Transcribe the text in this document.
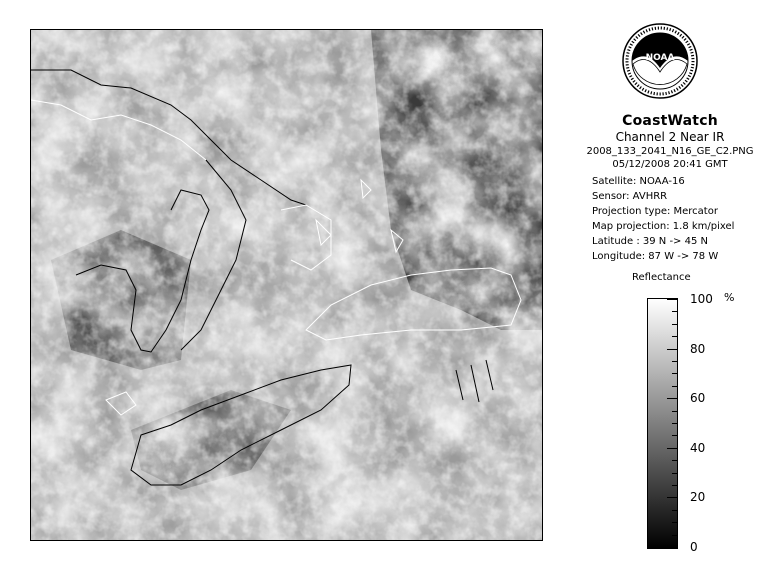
NOAA
CoastWatch
Channel 2 Near IR
2008_133_2041_N16_GE_C2.PNG
05/12/2008 20:41 GMT
Satellite: NOAA-16
Sensor: AVHRR
Projection type: Mercator
Map projection: 1.8 km/pixel
Latitude : 39 N -> 45 N
Longitude: 87 W -> 78 W
Reflectance
%
100
80
60
40
20
0
